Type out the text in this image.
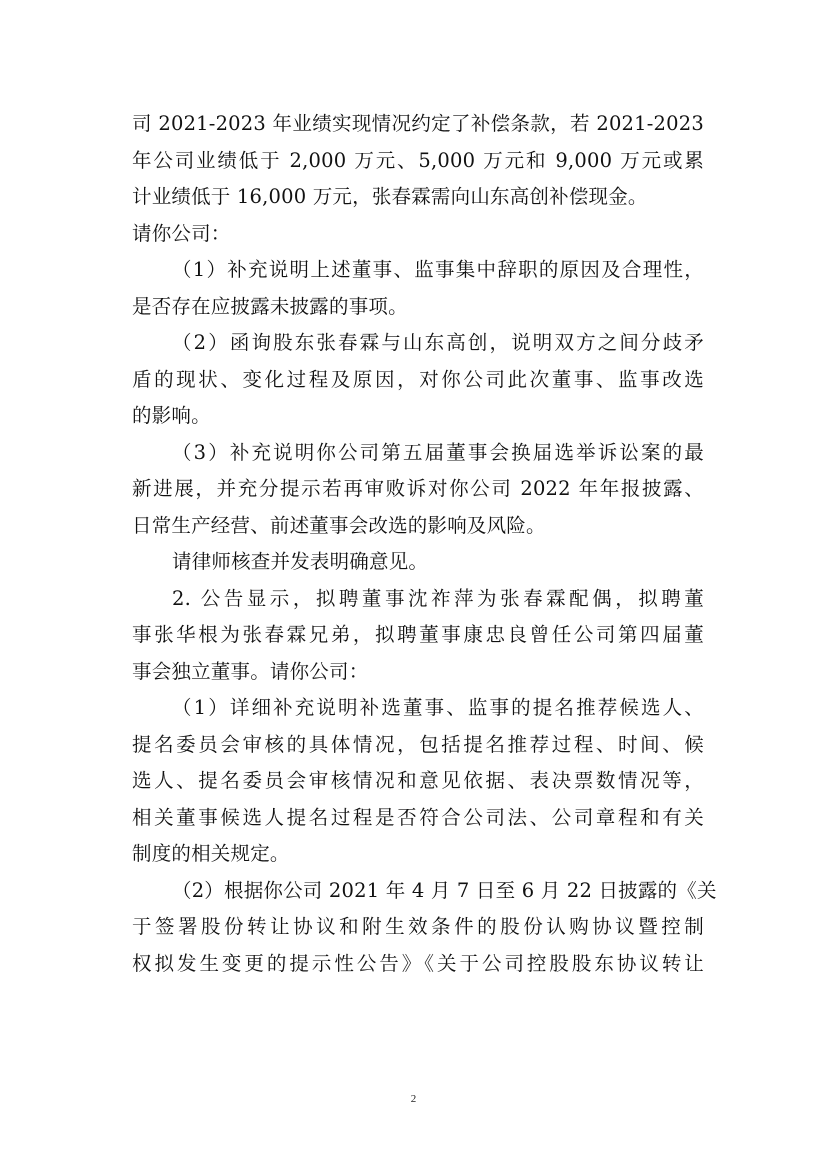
司 2021-2023 年业绩实现情况约定了补偿条款，若 2021-2023
年公司业绩低于 2,000 万元、5,000 万元和 9,000 万元或累
计业绩低于 16,000 万元，张春霖需向山东高创补偿现金。
请你公司：
（1）补充说明上述董事、监事集中辞职的原因及合理性，
是否存在应披露未披露的事项。
（2）函询股东张春霖与山东高创，说明双方之间分歧矛
盾的现状、变化过程及原因，对你公司此次董事、监事改选
的影响。
（3）补充说明你公司第五届董事会换届选举诉讼案的最
新进展，并充分提示若再审败诉对你公司 2022 年年报披露、
日常生产经营、前述董事会改选的影响及风险。
请律师核查并发表明确意见。
2. 公告显示，拟聘董事沈祚萍为张春霖配偶，拟聘董
事张华根为张春霖兄弟，拟聘董事康忠良曾任公司第四届董
事会独立董事。请你公司：
（1）详细补充说明补选董事、监事的提名推荐候选人、
提名委员会审核的具体情况，包括提名推荐过程、时间、候
选人、提名委员会审核情况和意见依据、表决票数情况等，
相关董事候选人提名过程是否符合公司法、公司章程和有关
制度的相关规定。
（2）根据你公司 2021 年 4 月 7 日至 6 月 22 日披露的《关
于签署股份转让协议和附生效条件的股份认购协议暨控制
权拟发生变更的提示性公告》《关于公司控股股东协议转让
2
